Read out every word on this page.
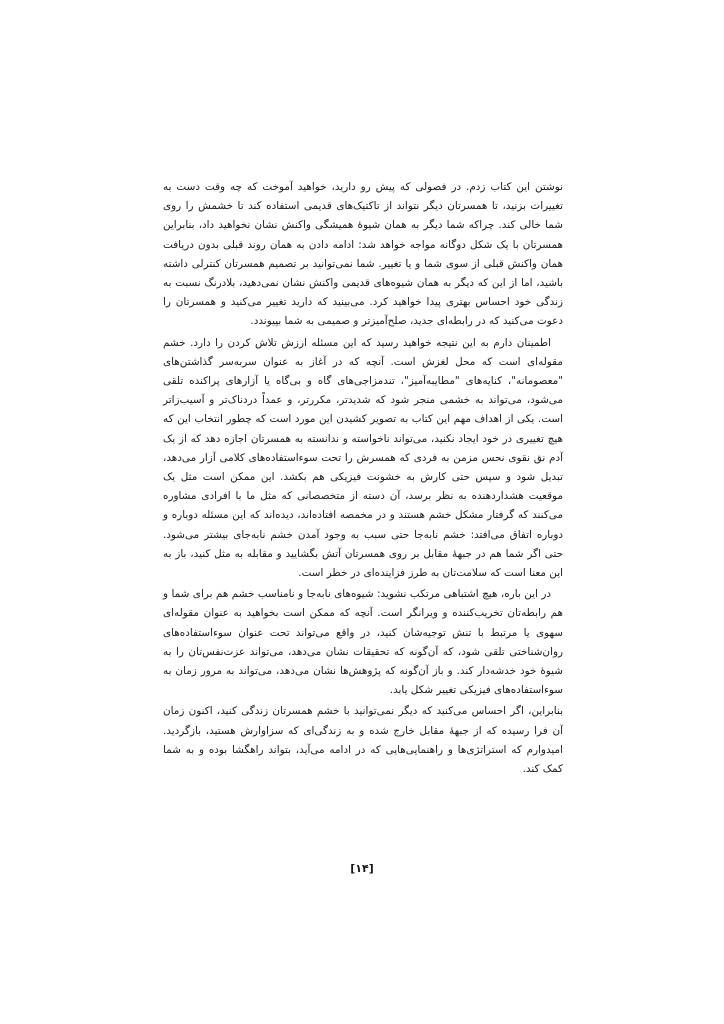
نوشتن این کتاب زدم. در فصولی که پیش رو دارید، خواهید آموخت که چه وقت دست به تغییرات بزنید، تا همسرتان دیگر نتواند از تاکتیک‌های قدیمی استفاده کند تا خشمش را روی شما خالی کند. چراکه شما دیگر به همان شیوهٔ همیشگی واکنش نشان نخواهید داد، بنابراین همسرتان با یک شکل دوگانه مواجه خواهد شد: ادامه دادن به همان روند قبلی بدون دریافت همان واکنش قبلی از سوی شما و یا تغییر. شما نمی‌توانید بر تصمیم همسرتان کنترلی داشته باشید، اما از این که دیگر به همان شیوه‌های قدیمی واکنش نشان نمی‌دهید، بلادرنگ نسبت به زندگی خود احساس بهتری پیدا خواهید کرد. می‌بینید که دارید تغییر می‌کنید و همسرتان را دعوت می‌کنید که در رابطه‌ای جدید، صلح‌آمیزتر و صمیمی به شما بپیوندد.

اطمینان دارم به این نتیجه خواهید رسید که این مسئله ارزش تلاش کردن را دارد. خشم مقوله‌ای است که محل لغزش است. آنچه که در آغاز به عنوان سربه‌سر گذاشتن‌های "معصومانه"، کنایه‌های "مطایبه‌آمیز"، تندمزاجی‌های گاه و بی‌گاه یا آزارهای پراکنده تلقی می‌شود، می‌تواند به خشمی منجر شود که شدیدتر، مکررتر، و عمداً دردناک‌تر و آسیب‌زاتر است. یکی از اهداف مهم این کتاب به تصویر کشیدن این مورد است که چطور انتخاب این که هیچ تغییری در خود ایجاد نکنید، می‌تواند ناخواسته و ندانسته به همسرتان اجازه دهد که از یک آدم نق نقوی نحس مزمن به فردی که همسرش را تحت سوءاستفاده‌های کلامی آزار می‌دهد، تبدیل شود و سپس حتی کارش به خشونت فیزیکی هم بکشد. این ممکن است مثل یک موقعیت هشداردهنده به نظر برسد، آن دسته از متخصصانی که مثل ما با افرادی مشاوره می‌کنند که گرفتار مشکل خشم هستند و در مخمصه افتاده‌اند، دیده‌اند که این مسئله دوباره و دوباره اتفاق می‌افتد: خشم نابه‌جا حتی سبب به وجود آمدن خشم نابه‌جای بیشتر می‌شود. حتی اگر شما هم در جبههٔ مقابل بر روی همسرتان آتش بگشایید و مقابله به مثل کنید، باز به این معنا است که سلامت‌تان به طرز فزاینده‌ای در خطر است.

در این باره، هیچ اشتباهی مرتکب نشوید: شیوه‌های نابه‌جا و نامناسب خشم هم برای شما و هم رابطه‌تان تخریب‌کننده و ویرانگر است. آنچه که ممکن است بخواهید به عنوان مقوله‌ای سهوی یا مرتبط با تنش توجیه‌شان کنید، در واقع می‌تواند تحت عنوان سوءاستفاده‌های روان‌شناختی تلقی شود، که آن‌گونه که تحقیقات نشان می‌دهد، می‌تواند عزت‌نفس‌تان را به شیوهٔ خود خدشه‌دار کند. و باز آن‌گونه که پژوهش‌ها نشان می‌دهد، می‌تواند به مرور زمان به سوءاستفاده‌های فیزیکی تغییر شکل یابد.

بنابراین، اگر احساس می‌کنید که دیگر نمی‌توانید با خشم همسرتان زندگی کنید، اکنون زمان آن فرا رسیده که از جبههٔ مقابل خارج شده و به زندگی‌ای که سزاوارش هستید، بازگردید. امیدوارم که استراتژی‌ها و راهنمایی‌هایی که در ادامه می‌آید، بتواند راهگشا بوده و به شما کمک کند.

[۱۴]
